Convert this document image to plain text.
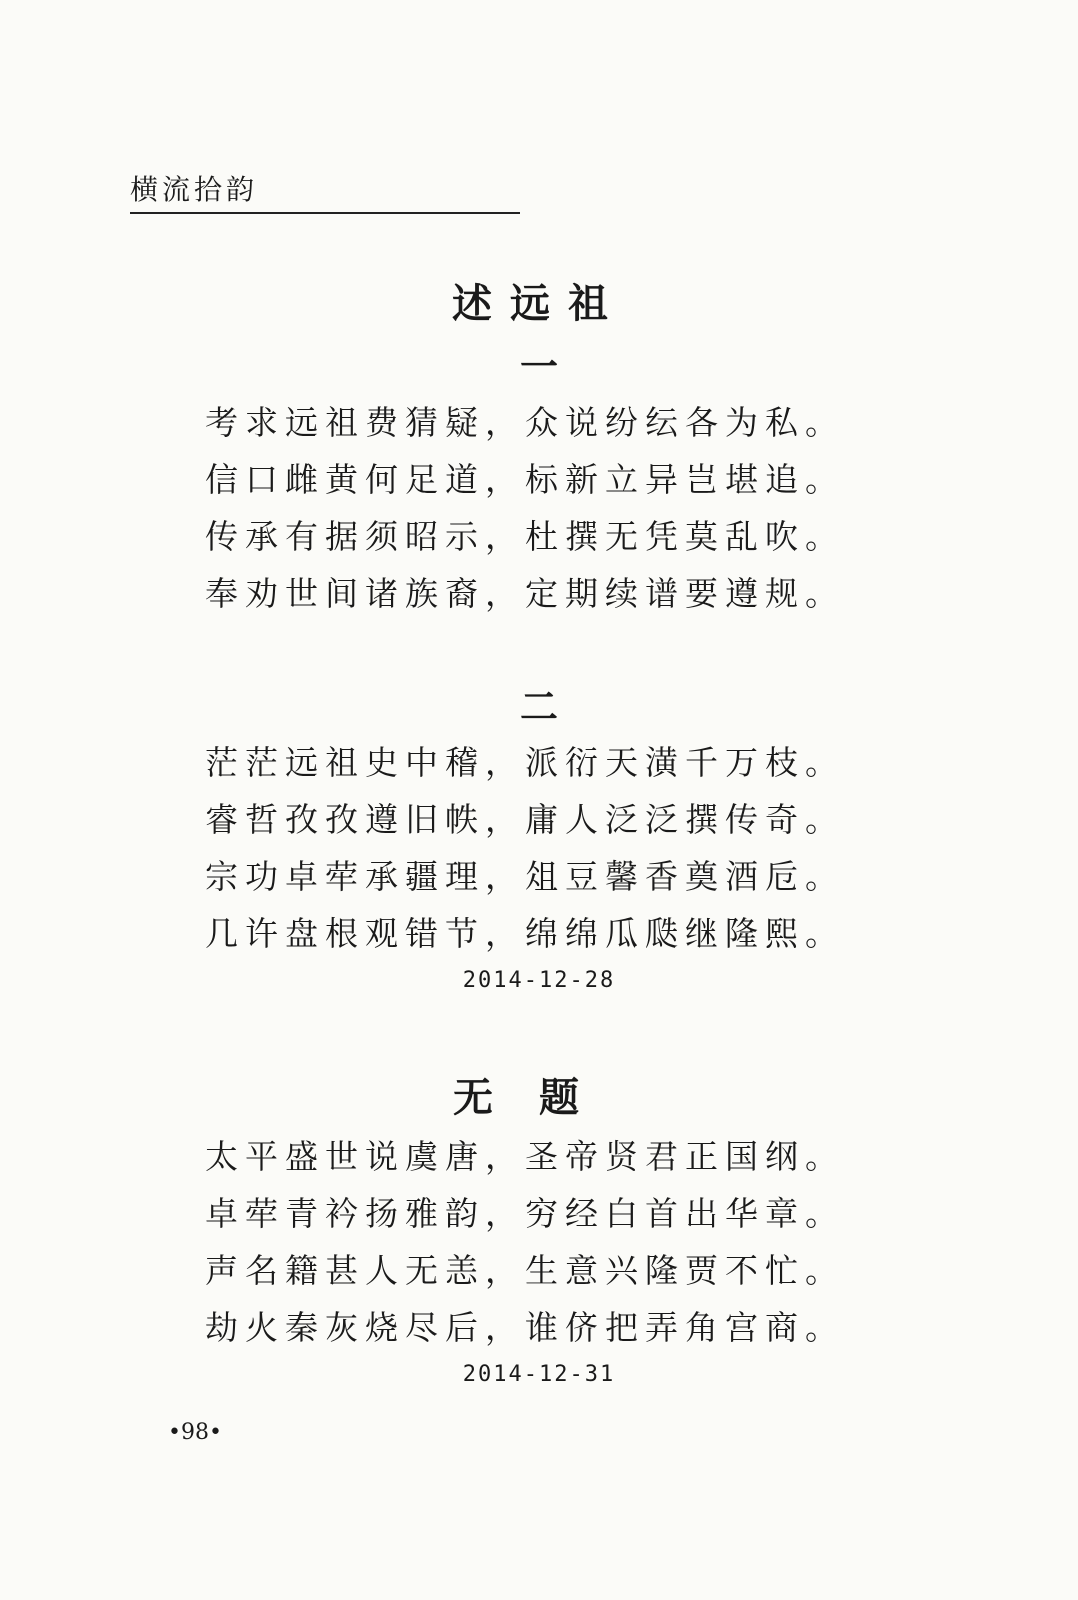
横流拾韵
述远祖
一
考求远祖费猜疑，众说纷纭各为私。
信口雌黄何足道，标新立异岂堪追。
传承有据须昭示，杜撰无凭莫乱吹。
奉劝世间诸族裔，定期续谱要遵规。
二
茫茫远祖史中稽，派衍天潢千万枝。
睿哲孜孜遵旧帙，庸人泛泛撰传奇。
宗功卓荦承疆理，俎豆馨香奠酒卮。
几许盘根观错节，绵绵瓜瓞继隆熙。
2014-12-28
无题
太平盛世说虞唐，圣帝贤君正国纲。
卓荦青衿扬雅韵，穷经白首出华章。
声名籍甚人无恙，生意兴隆贾不忙。
劫火秦灰烧尽后，谁侪把弄角宫商。
2014-12-31
•98•
